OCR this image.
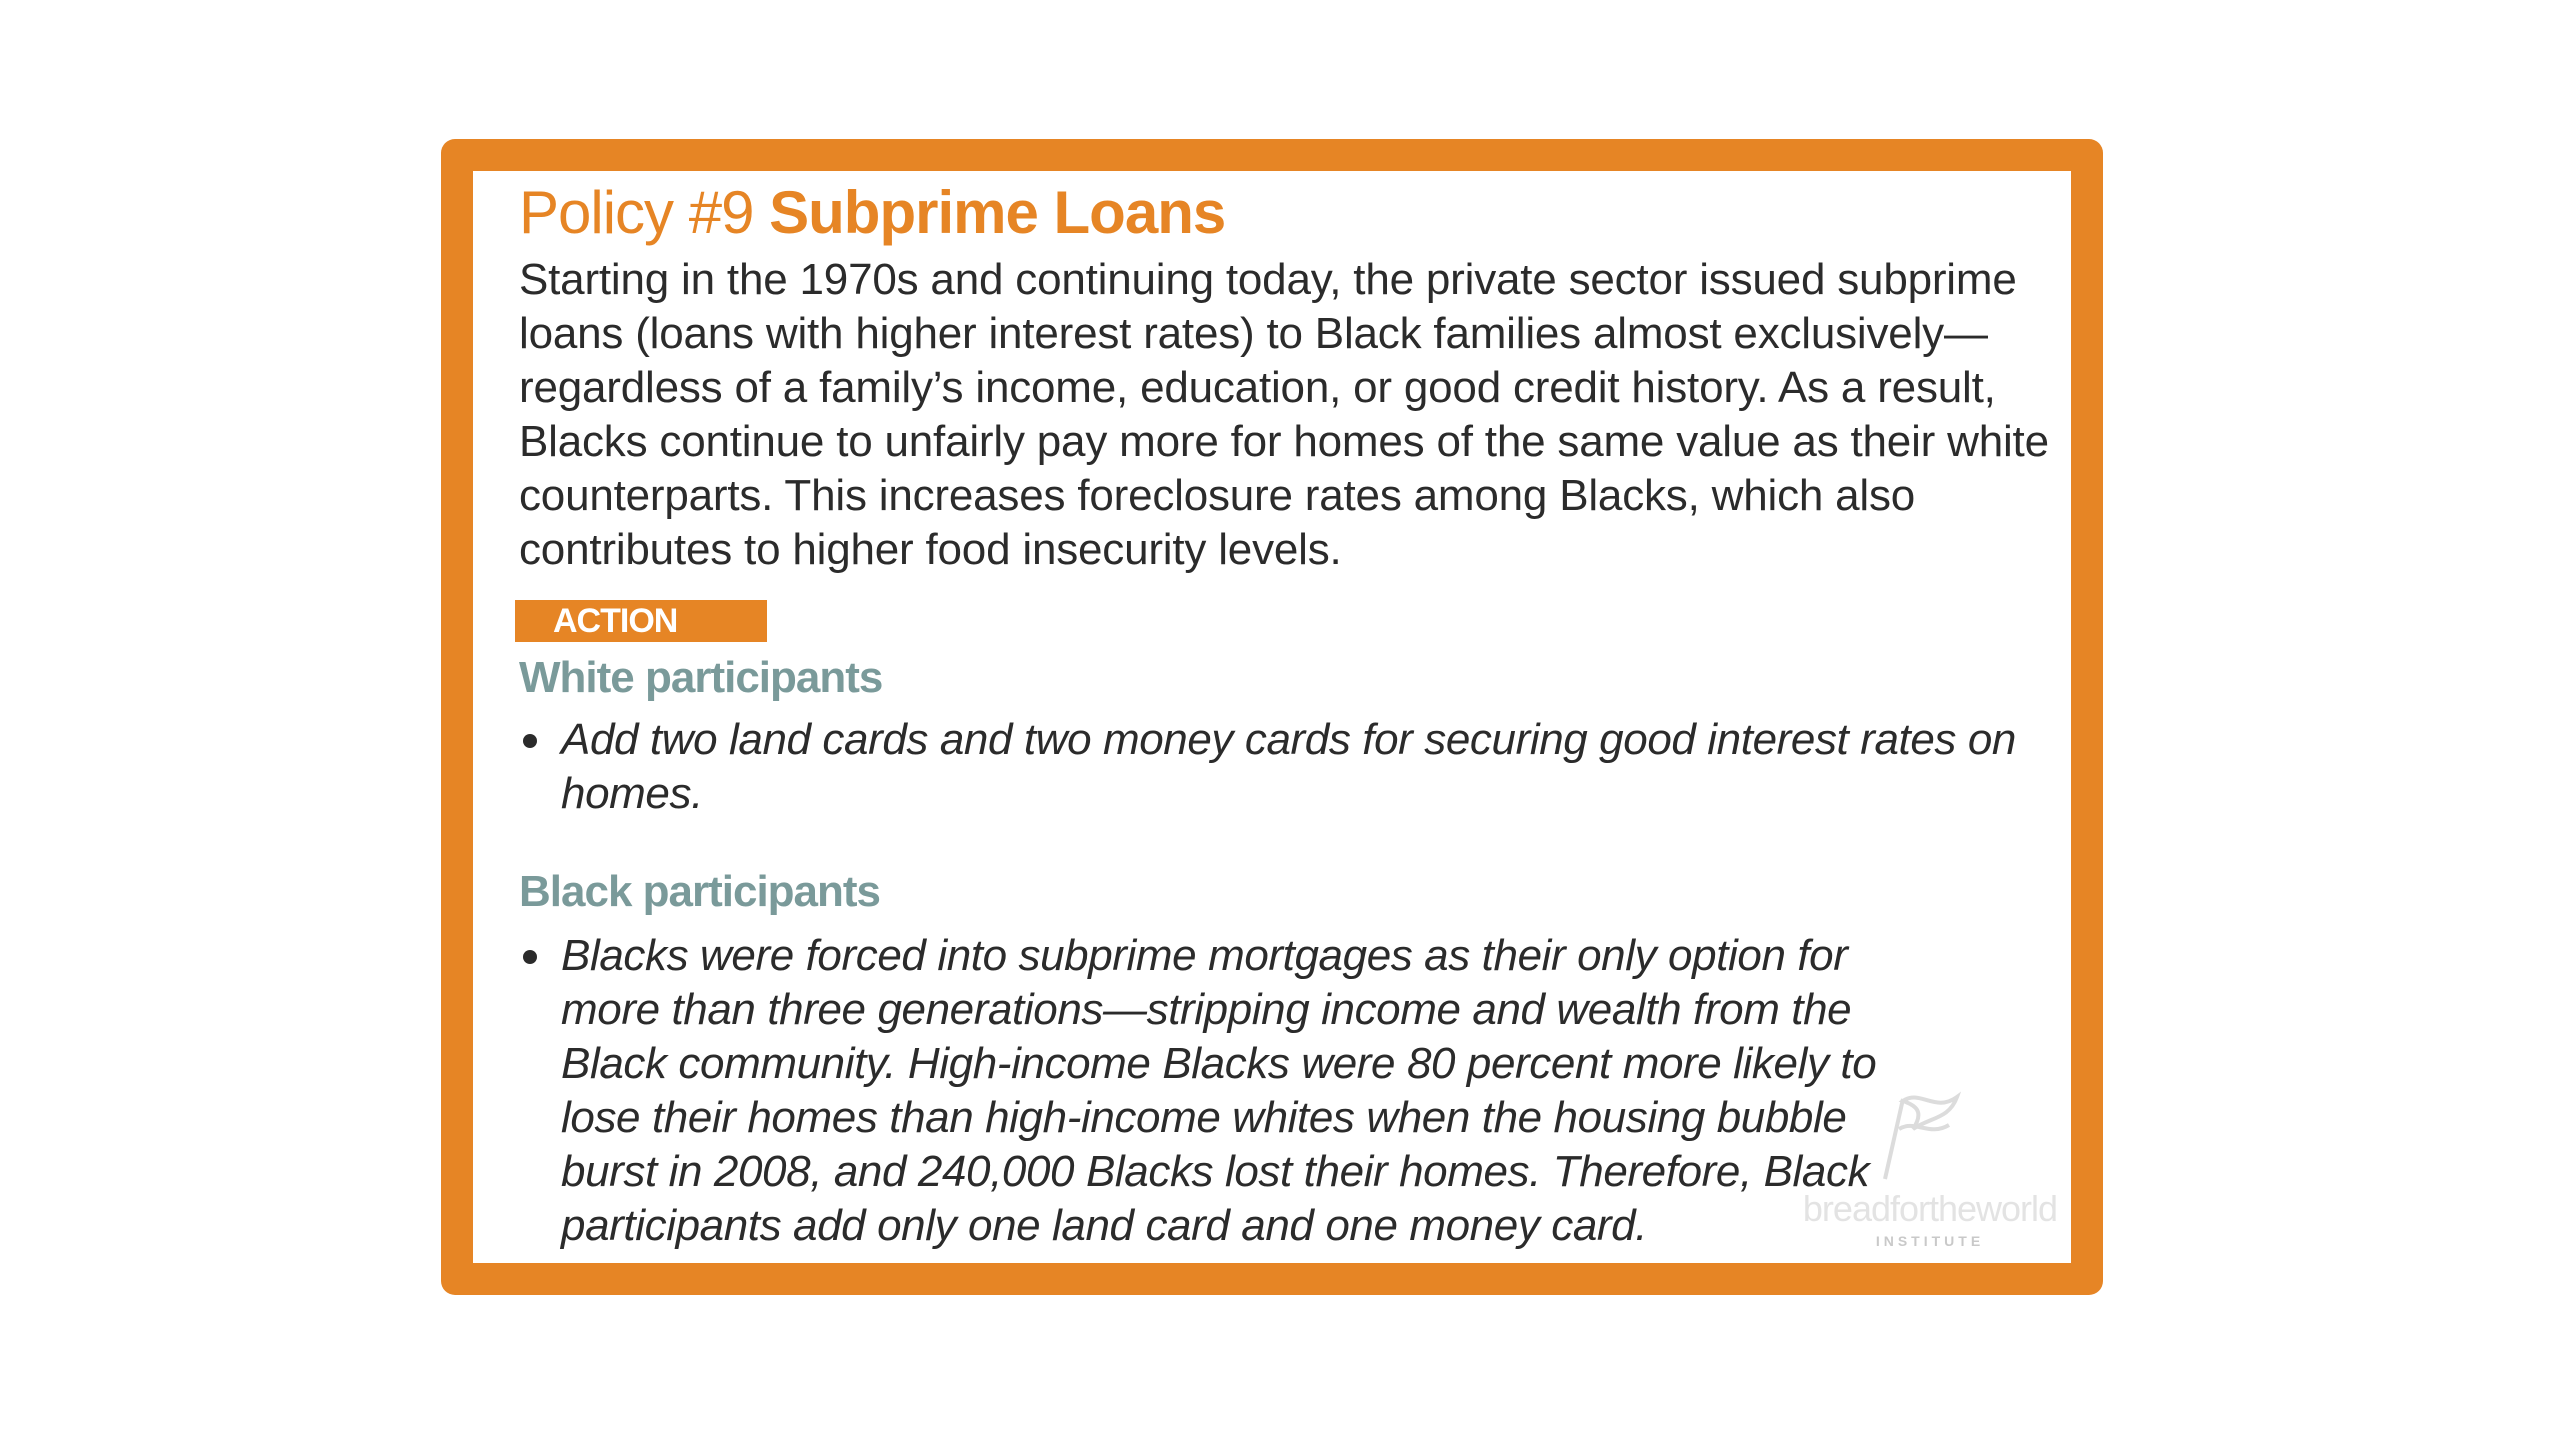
Policy #9 Subprime Loans

Starting in the 1970s and continuing today, the private sector issued subprime loans (loans with higher interest rates) to Black families almost exclusively—regardless of a family’s income, education, or good credit history. As a result, Blacks continue to unfairly pay more for homes of the same value as their white counterparts. This increases foreclosure rates among Blacks, which also contributes to higher food insecurity levels.

ACTION
White participants
Add two land cards and two money cards for securing good interest rates on homes.
Black participants
Blacks were forced into subprime mortgages as their only option for more than three generations—stripping income and wealth from the Black community. High-income Blacks were 80 percent more likely to lose their homes than high-income whites when the housing bubble burst in 2008, and 240,000 Blacks lost their homes. Therefore, Black participants add only one land card and one money card.	breadfortheworld
INSTITUTE
